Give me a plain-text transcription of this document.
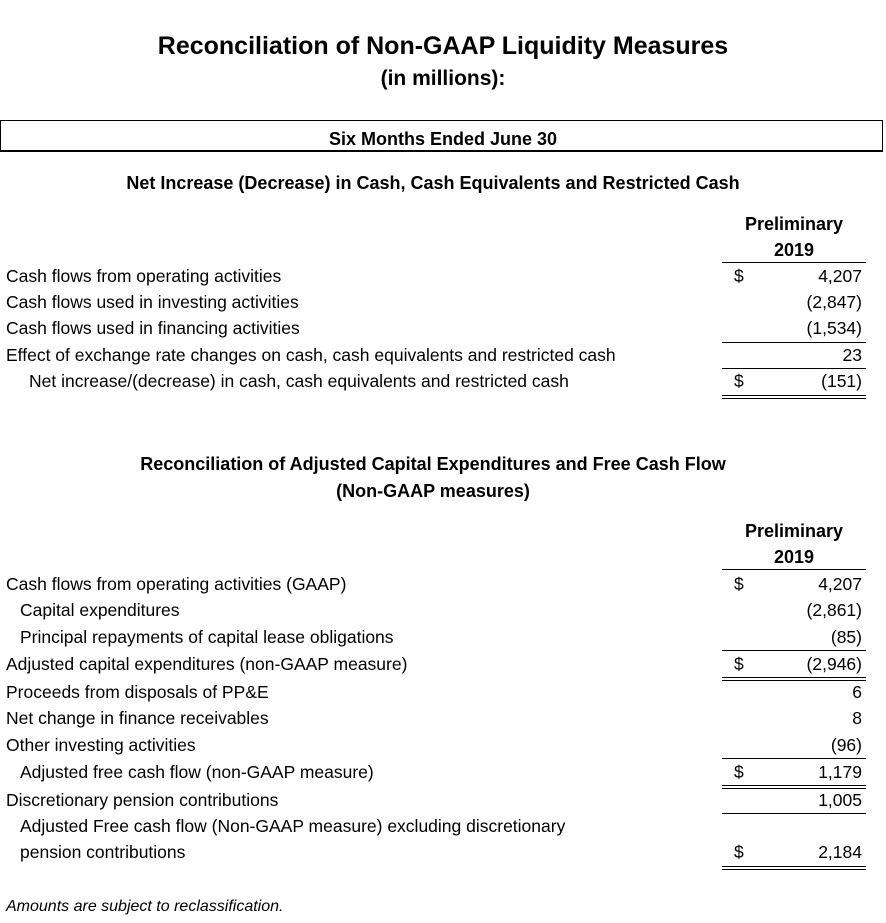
Reconciliation of Non-GAAP Liquidity Measures
(in millions):
Six Months Ended June 30
Net Increase (Decrease) in Cash, Cash Equivalents and Restricted Cash
Preliminary
2019
Cash flows from operating activities	$	4,207
Cash flows used in investing activities	(2,847)
Cash flows used in financing activities	(1,534)
Effect of exchange rate changes on cash, cash equivalents and restricted cash	23
Net increase/(decrease) in cash, cash equivalents and restricted cash	$	(151)
Reconciliation of Adjusted Capital Expenditures and Free Cash Flow
(Non-GAAP measures)
Preliminary
2019
Cash flows from operating activities (GAAP)	$	4,207
Capital expenditures	(2,861)
Principal repayments of capital lease obligations	(85)
Adjusted capital expenditures (non-GAAP measure)	$	(2,946)
Proceeds from disposals of PP&E	6
Net change in finance receivables	8
Other investing activities	(96)
Adjusted free cash flow (non-GAAP measure)	$	1,179
Discretionary pension contributions	1,005
Adjusted Free cash flow (Non-GAAP measure) excluding discretionary
pension contributions	$	2,184
Amounts are subject to reclassification.
